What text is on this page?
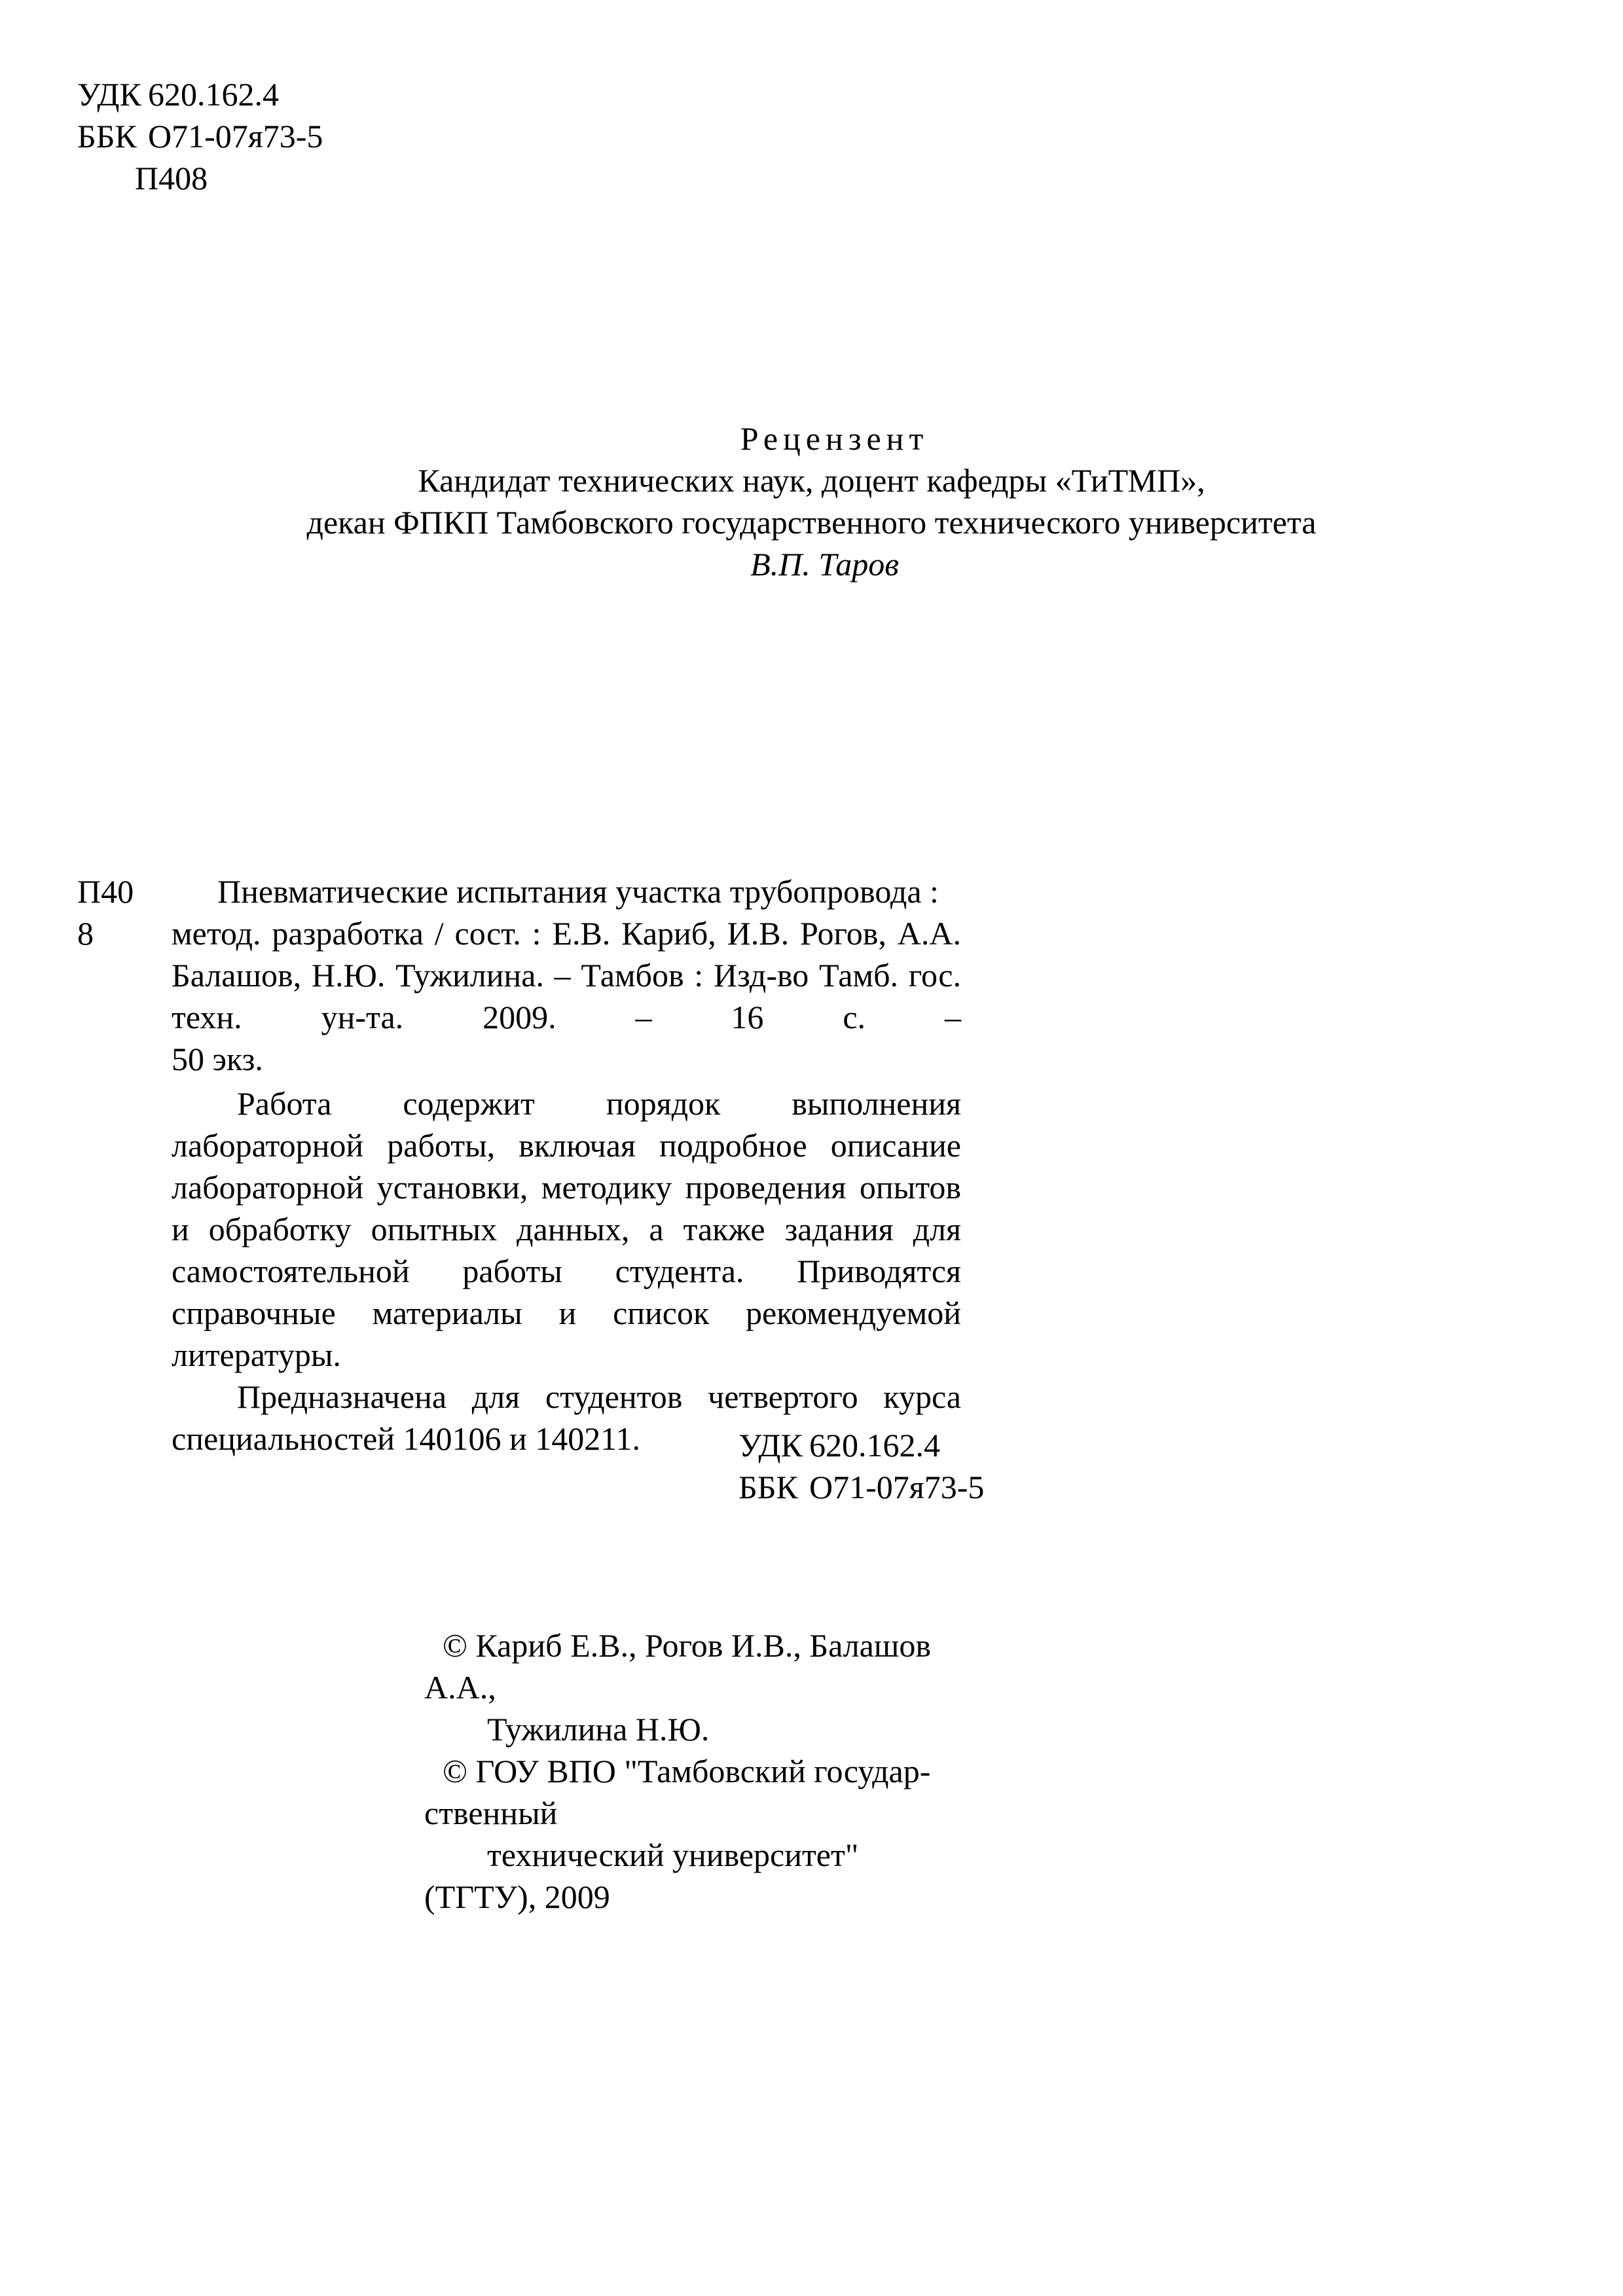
УДК 620.162.4
ББК О71-07я73-5
П408
Рецензент
Кандидат технических наук, доцент кафедры «ТиТМП»,
декан ФПКП Тамбовского государственного технического университета
В.П. Таров
П40
8

Пневматические испытания участка трубопровода :

метод. разработка / сост. : Е.В. Кариб, И.В. Рогов, А.А.

Балашов, Н.Ю. Тужилина. – Тамбов : Изд-во Тамб. гос.

техн. ун-та. 2009. – 16 с. –

50 экз.

Работа содержит порядок выполнения лабораторной работы, включая подробное описание лабораторной установки, методику проведения опытов и обработку опытных данных, а также задания для самостоятельной работы студента. Приводятся справочные материалы и список рекомендуемой литературы.

Предназначена для студентов четвертого курса специальностей 140106 и 140211.	УДК 620.162.4
ББК О71-07я73-5
© Кариб Е.В., Рогов И.В., Балашов
А.А.,
Тужилина Н.Ю.
© ГОУ ВПО "Тамбовский государ-
ственный
технический университет"
(ТГТУ), 2009
